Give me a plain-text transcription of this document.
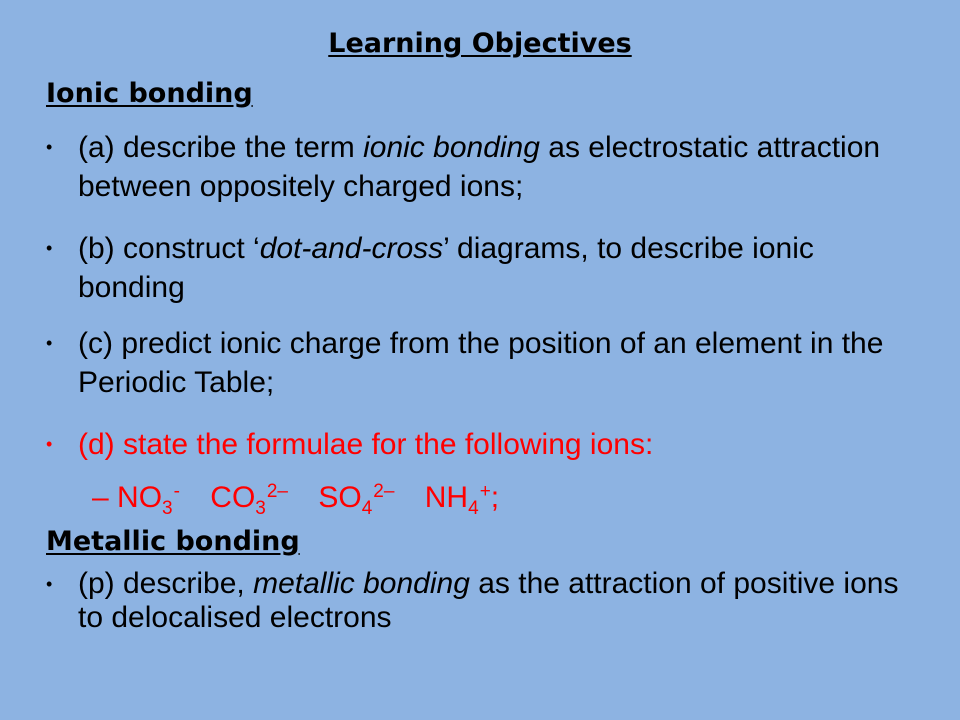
Learning Objectives
Ionic bonding
• (a) describe the term ionic bonding as electrostatic attraction between oppositely charged ions;
• (b) construct ‘dot-and-cross’ diagrams, to describe ionic bonding
• (c) predict ionic charge from the position of an element in the Periodic Table;
• (d) state the formulae for the following ions:
– $NO_3^-$ $CO_3^{2-}$ $SO_4^{2-}$ $NH_4^+$;
Metallic bonding
• (p) describe, metallic bonding as the attraction of positive ions to delocalised electrons
